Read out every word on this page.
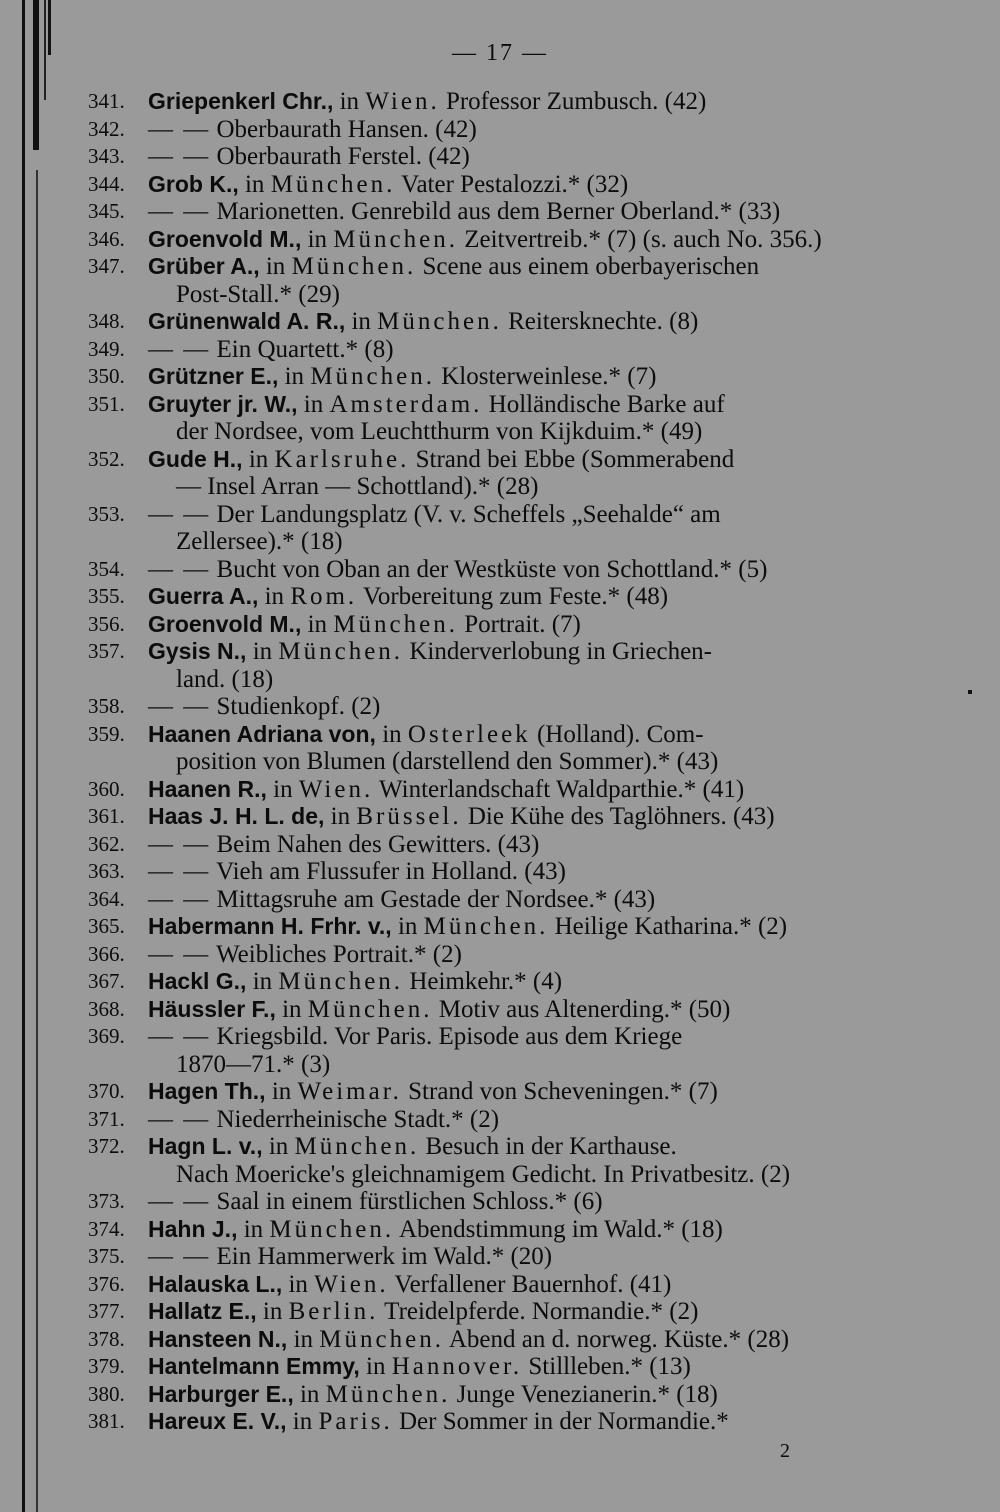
— 17 —
341. Griepenkerl Chr., in Wien. Professor Zumbusch. (42)
342. — — Oberbaurath Hansen. (42)
343. — — Oberbaurath Ferstel. (42)
344. Grob K., in München. Vater Pestalozzi.* (32)
345. — — Marionetten. Genrebild aus dem Berner Oberland.* (33)
346. Groenvold M., in München. Zeitvertreib.* (7) (s. auch No. 356.)
347. Grüber A., in München. Scene aus einem oberbayerischen
Post-Stall.* (29)
348. Grünenwald A. R., in München. Reitersknechte. (8)
349. — — Ein Quartett.* (8)
350. Grützner E., in München. Klosterweinlese.* (7)
351. Gruyter jr. W., in Amsterdam. Holländische Barke auf
der Nordsee, vom Leuchtthurm von Kijkduim.* (49)
352. Gude H., in Karlsruhe. Strand bei Ebbe (Sommerabend
— Insel Arran — Schottland).* (28)
353. — — Der Landungsplatz (V. v. Scheffels „Seehalde“ am
Zellersee).* (18)
354. — — Bucht von Oban an der Westküste von Schottland.* (5)
355. Guerra A., in Rom. Vorbereitung zum Feste.* (48)
356. Groenvold M., in München. Portrait. (7)
357. Gysis N., in München. Kinderverlobung in Griechen-
land. (18)
358. — — Studienkopf. (2)
359. Haanen Adriana von, in Osterleek (Holland). Com-
position von Blumen (darstellend den Sommer).* (43)
360. Haanen R., in Wien. Winterlandschaft Waldparthie.* (41)
361. Haas J. H. L. de, in Brüssel. Die Kühe des Taglöhners. (43)
362. — — Beim Nahen des Gewitters. (43)
363. — — Vieh am Flussufer in Holland. (43)
364. — — Mittagsruhe am Gestade der Nordsee.* (43)
365. Habermann H. Frhr. v., in München. Heilige Katharina.* (2)
366. — — Weibliches Portrait.* (2)
367. Hackl G., in München. Heimkehr.* (4)
368. Häussler F., in München. Motiv aus Altenerding.* (50)
369. — — Kriegsbild. Vor Paris. Episode aus dem Kriege
1870—71.* (3)
370. Hagen Th., in Weimar. Strand von Scheveningen.* (7)
371. — — Niederrheinische Stadt.* (2)
372. Hagn L. v., in München. Besuch in der Karthause.
Nach Moericke's gleichnamigem Gedicht. In Privatbesitz. (2)
373. — — Saal in einem fürstlichen Schloss.* (6)
374. Hahn J., in München. Abendstimmung im Wald.* (18)
375. — — Ein Hammerwerk im Wald.* (20)
376. Halauska L., in Wien. Verfallener Bauernhof. (41)
377. Hallatz E., in Berlin. Treidelpferde. Normandie.* (2)
378. Hansteen N., in München. Abend an d. norweg. Küste.* (28)
379. Hantelmann Emmy, in Hannover. Stillleben.* (13)
380. Harburger E., in München. Junge Venezianerin.* (18)
381. Hareux E. V., in Paris. Der Sommer in der Normandie.*
2
